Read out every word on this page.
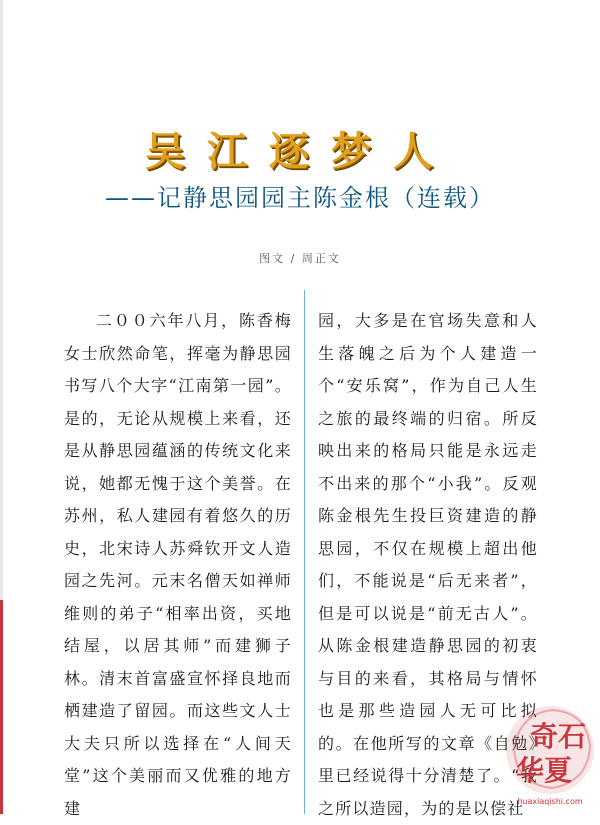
吴江逐梦人
——记静思园园主陈金根（连载）
图文 / 周正文

二００六年八月，陈香梅女士欣然命笔，挥毫为静思园书写八个大字“江南第一园”。是的，无论从规模上来看，还是从静思园蕴涵的传统文化来说，她都无愧于这个美誉。在苏州，私人建园有着悠久的历史，北宋诗人苏舜钦开文人造园之先河。元末名僧天如禅师维则的弟子“相率出资，买地结屋，以居其师”而建狮子林。清末首富盛宣怀择良地而栖建造了留园。而这些文人士大夫只所以选择在“人间天堂”这个美丽而又优雅的地方建

园，大多是在官场失意和人生落魄之后为个人建造一个“安乐窝”，作为自己人生之旅的最终端的归宿。所反映出来的格局只能是永远走不出来的那个“小我”。反观陈金根先生投巨资建造的静思园，不仅在规模上超出他们，不能说是“后无来者”，但是可以说是“前无古人”。从陈金根建造静思园的初衷与目的来看，其格局与情怀也是那些造园人无可比拟的。在他所写的文章《自勉》里已经说得十分清楚了。“我之所以造园，为的是以偿社

奇石
华夏
huaxiaqishi.com
